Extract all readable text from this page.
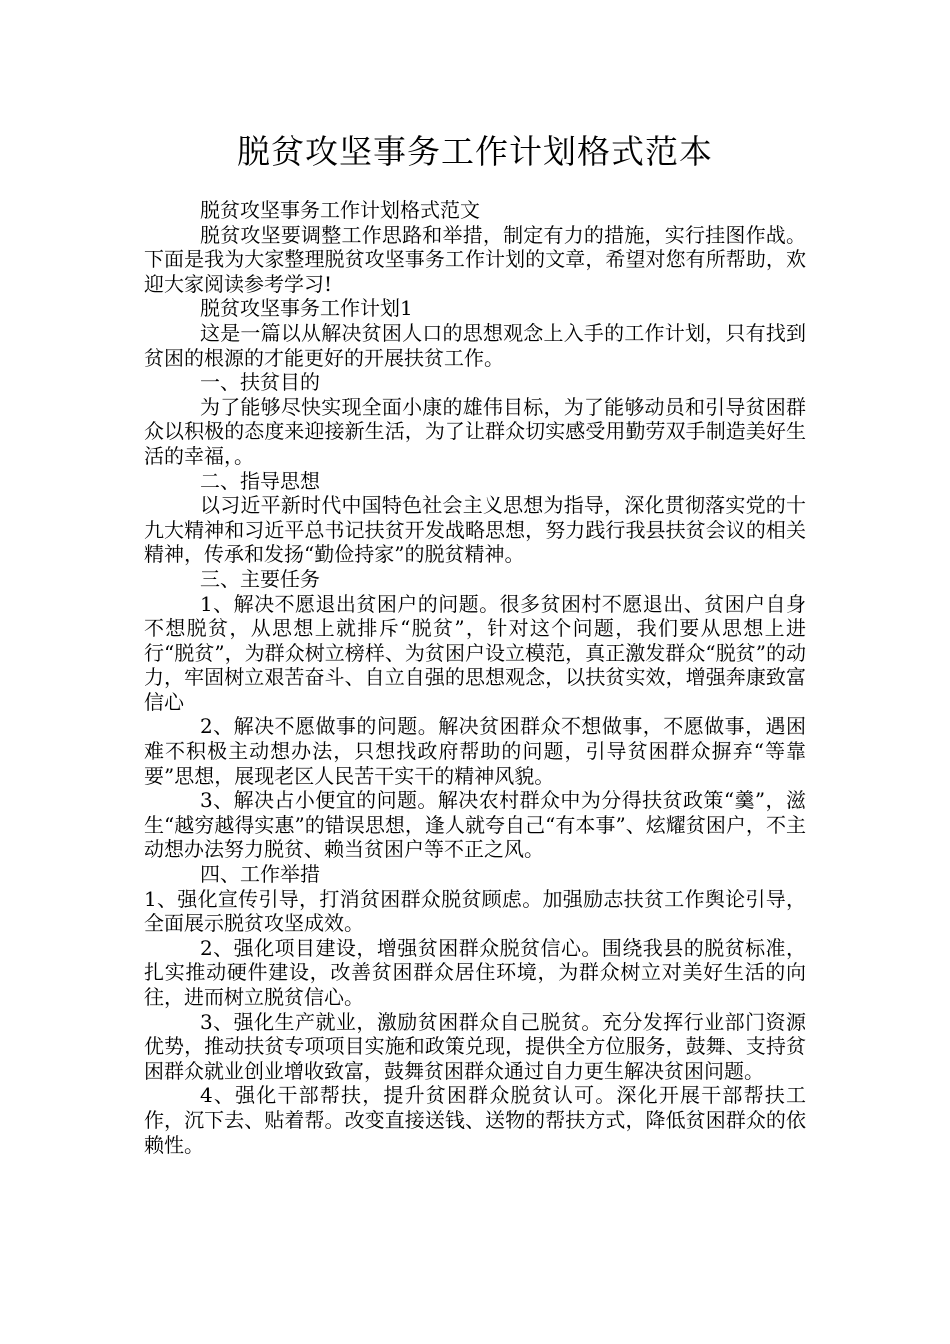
脱贫攻坚事务工作计划格式范本

脱贫攻坚事务工作计划格式范文

脱贫攻坚要调整工作思路和举措，制定有力的措施，实行挂图作战。下面是我为大家整理脱贫攻坚事务工作计划的文章，希望对您有所帮助，欢迎大家阅读参考学习!

脱贫攻坚事务工作计划1

这是一篇以从解决贫困人口的思想观念上入手的工作计划，只有找到贫困的根源的才能更好的开展扶贫工作。

一、扶贫目的

为了能够尽快实现全面小康的雄伟目标，为了能够动员和引导贫困群众以积极的态度来迎接新生活，为了让群众切实感受用勤劳双手制造美好生活的幸福，。

二、指导思想

以习近平新时代中国特色社会主义思想为指导，深化贯彻落实党的十九大精神和习近平总书记扶贫开发战略思想，努力践行我县扶贫会议的相关精神，传承和发扬“勤俭持家”的脱贫精神。

三、主要任务

1、解决不愿退出贫困户的问题。很多贫困村不愿退出、贫困户自身不想脱贫，从思想上就排斥“脱贫”，针对这个问题，我们要从思想上进行“脱贫”，为群众树立榜样、为贫困户设立模范，真正激发群众“脱贫”的动力，牢固树立艰苦奋斗、自立自强的思想观念，以扶贫实效，增强奔康致富信心

2、解决不愿做事的问题。解决贫困群众不想做事，不愿做事，遇困难不积极主动想办法，只想找政府帮助的问题，引导贫困群众摒弃“等靠要”思想，展现老区人民苦干实干的精神风貌。

3、解决占小便宜的问题。解决农村群众中为分得扶贫政策“羹”，滋生“越穷越得实惠”的错误思想，逢人就夸自己“有本事”、炫耀贫困户，不主动想办法努力脱贫、赖当贫困户等不正之风。

四、工作举措

1、强化宣传引导，打消贫困群众脱贫顾虑。加强励志扶贫工作舆论引导，全面展示脱贫攻坚成效。

2、强化项目建设，增强贫困群众脱贫信心。围绕我县的脱贫标准，扎实推动硬件建设，改善贫困群众居住环境，为群众树立对美好生活的向往，进而树立脱贫信心。

3、强化生产就业，激励贫困群众自己脱贫。充分发挥行业部门资源优势，推动扶贫专项项目实施和政策兑现，提供全方位服务，鼓舞、支持贫困群众就业创业增收致富，鼓舞贫困群众通过自力更生解决贫困问题。

4、强化干部帮扶，提升贫困群众脱贫认可。深化开展干部帮扶工作，沉下去、贴着帮。改变直接送钱、送物的帮扶方式，降低贫困群众的依赖性。
